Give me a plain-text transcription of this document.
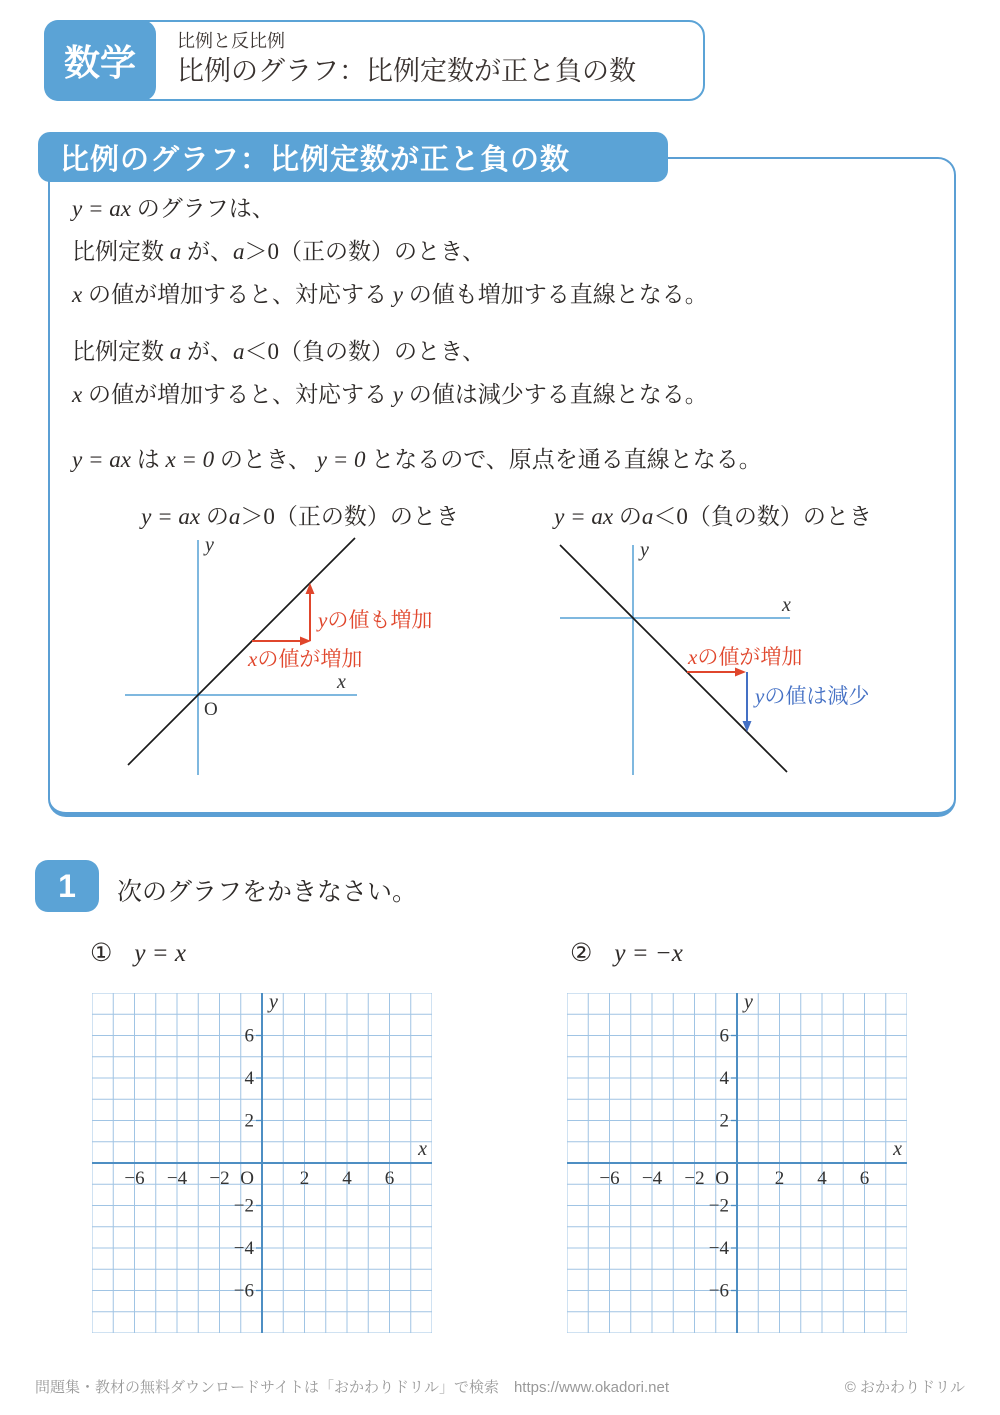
数学
比例と反比例
比例のグラフ：比例定数が正と負の数
比例のグラフ：比例定数が正と負の数
y = ax のグラフは、
比例定数 a が、a＞0（正の数）のとき、
x の値が増加すると、対応する y の値も増加する直線となる。
比例定数 a が、a＜0（負の数）のとき、
x の値が増加すると、対応する y の値は減少する直線となる。
y = ax は x = 0 のとき、 y = 0 となるので、原点を通る直線となる。
y = ax のa＞0（正の数）のとき	y = ax のa＜0（負の数）のとき
xの値が増加
yの値も増加
x
y
O
xの値が増加
yの値は減少
x
y
1 次のグラフをかきなさい。
① y = x	② y = −x
−6 −4 −2	2 4 6
6
4
2
−2
−4
−6
O
x
y
−6 −4 −2	2 4 6
6
4
2
−2
−4
−6
O
x
y
問題集・教材の無料ダウンロードサイトは「おかわりドリル」で検索　https://www.okadori.net	© おかわりドリル
